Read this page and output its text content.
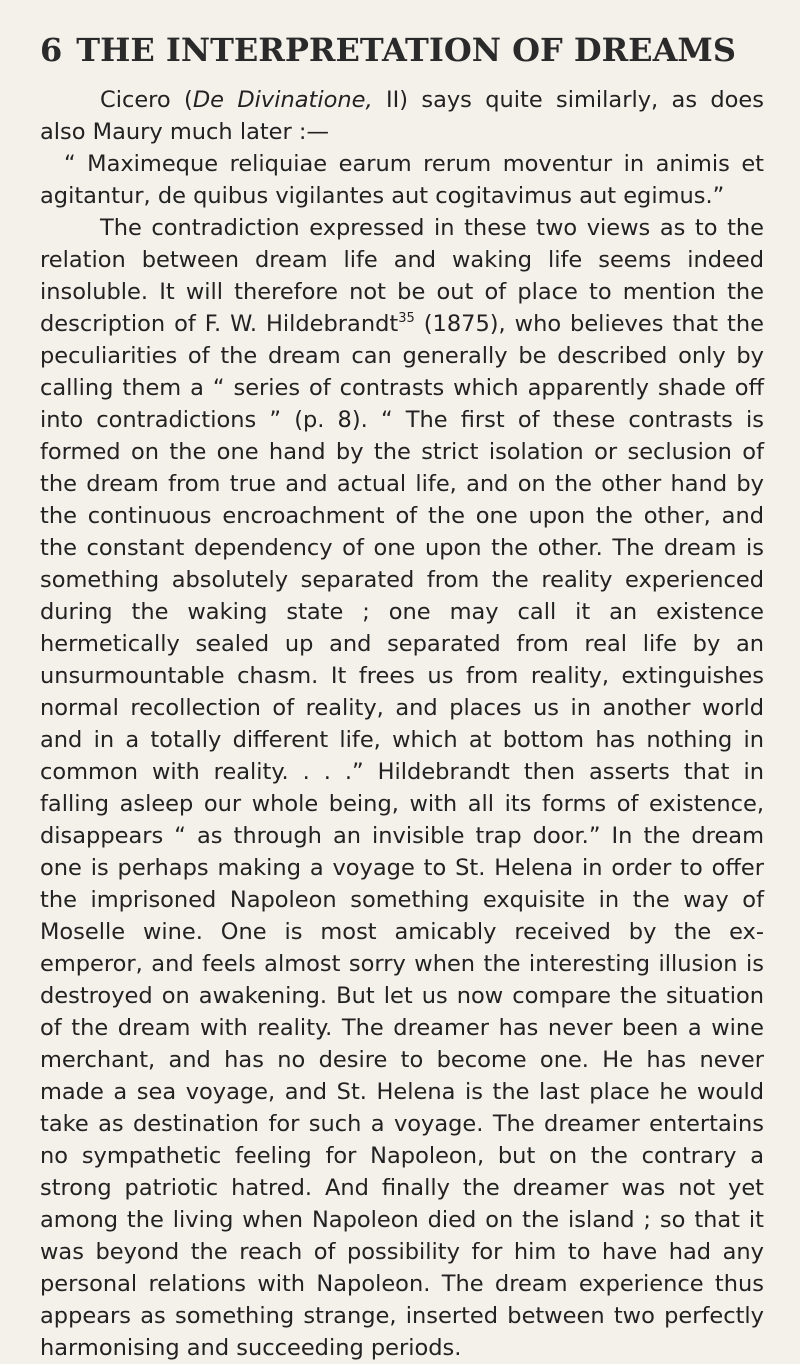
6 THE INTERPRETATION OF DREAMS

Cicero (De Divinatione, II) says quite similarly, as does also Maury much later :—

“ Maximeque reliquiae earum rerum moventur in animis et agitantur, de quibus vigilantes aut cogitavimus aut egimus.”

The contradiction expressed in these two views as to the relation between dream life and waking life seems indeed insoluble. It will therefore not be out of place to mention the description of F. W. Hildebrandt$^{35}$ (1875), who believes that the peculiarities of the dream can generally be described only by calling them a “ series of contrasts which apparently shade off into contradictions ” (p. 8). “ The first of these contrasts is formed on the one hand by the strict isolation or seclusion of the dream from true and actual life, and on the other hand by the continuous encroachment of the one upon the other, and the constant dependency of one upon the other. The dream is something absolutely separated from the reality experienced during the waking state ; one may call it an existence hermetically sealed up and separated from real life by an unsurmountable chasm. It frees us from reality, extinguishes normal recollection of reality, and places us in another world and in a totally different life, which at bottom has nothing in common with reality. . . .” Hildebrandt then asserts that in falling asleep our whole being, with all its forms of existence, disappears “ as through an invisible trap door.” In the dream one is perhaps making a voyage to St. Helena in order to offer the imprisoned Napoleon something exquisite in the way of Moselle wine. One is most amicably received by the ex-emperor, and feels almost sorry when the interesting illusion is destroyed on awakening. But let us now compare the situation of the dream with reality. The dreamer has never been a wine merchant, and has no desire to become one. He has never made a sea voyage, and St. Helena is the last place he would take as destination for such a voyage. The dreamer entertains no sympathetic feeling for Napoleon, but on the contrary a strong patriotic hatred. And finally the dreamer was not yet among the living when Napoleon died on the island ; so that it was beyond the reach of possibility for him to have had any personal relations with Napoleon. The dream experience thus appears as something strange, inserted between two perfectly harmonising and succeeding periods.
